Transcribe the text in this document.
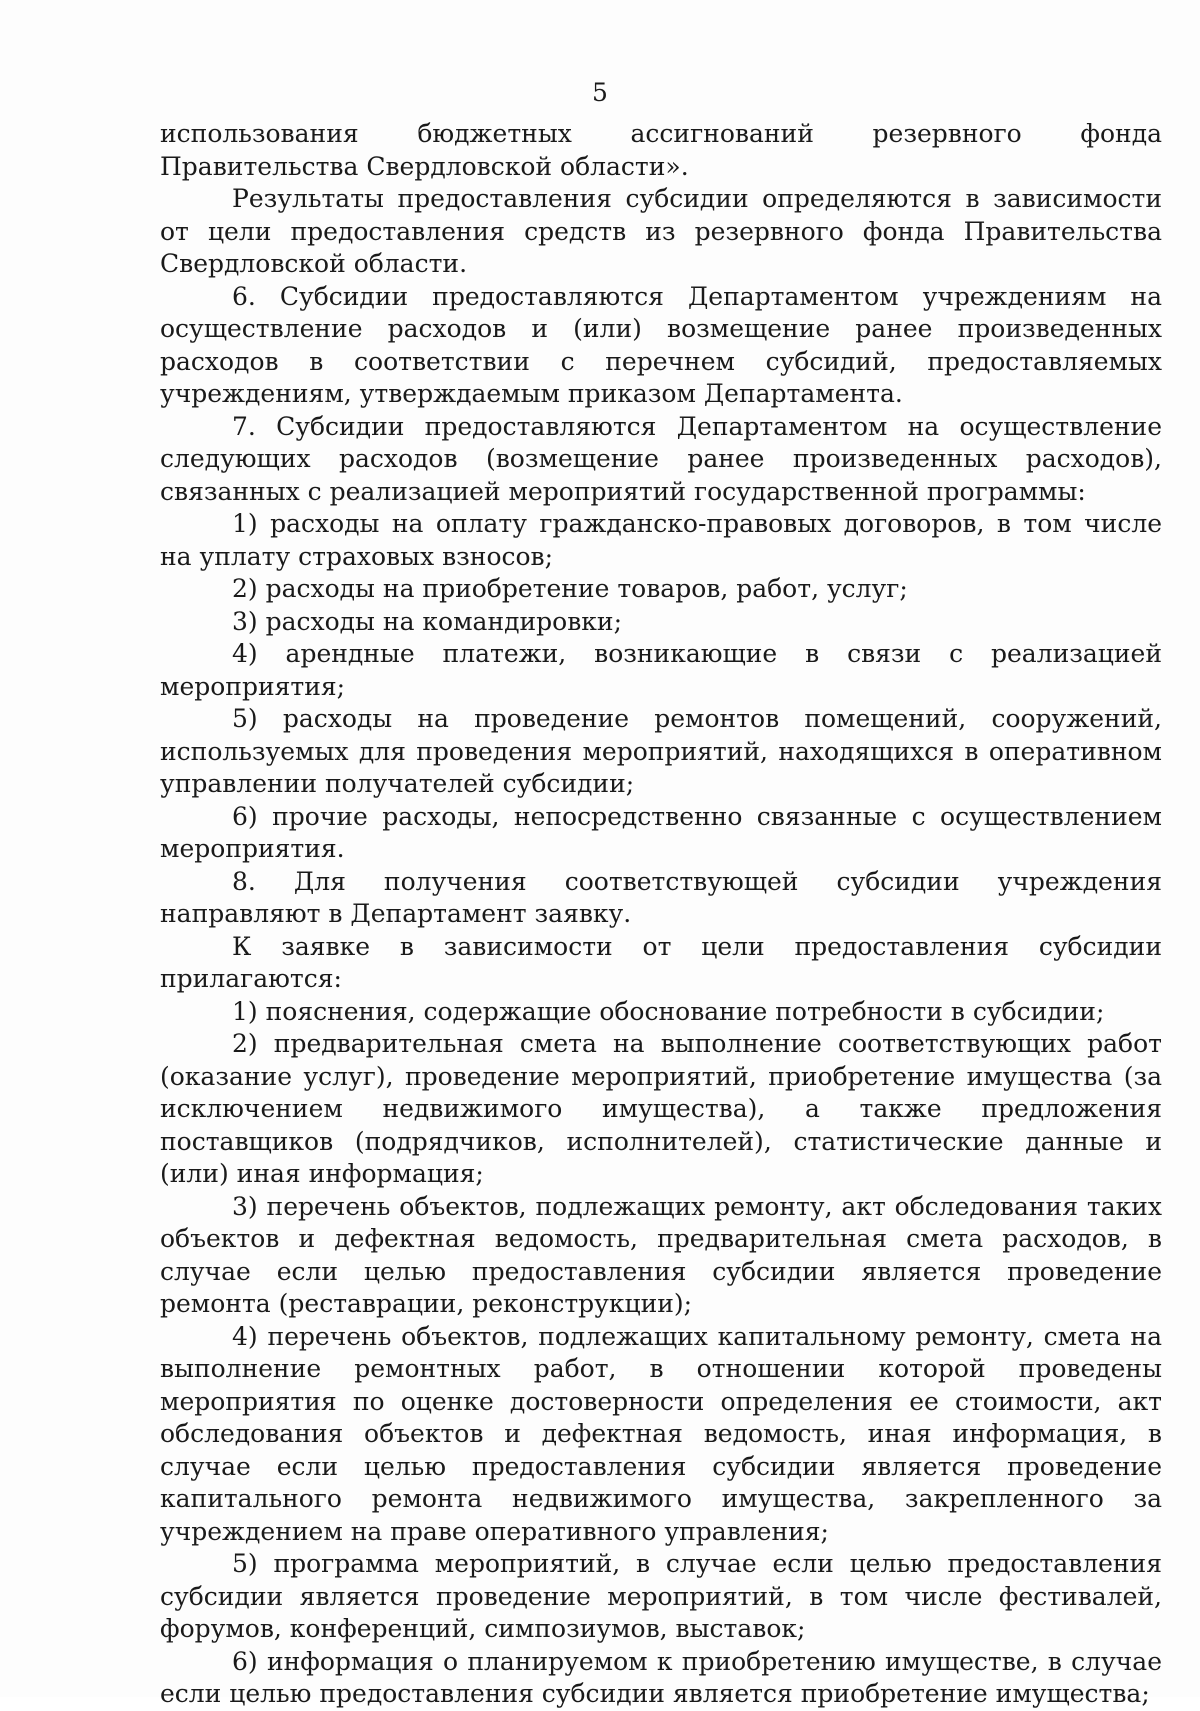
5

использования бюджетных ассигнований резервного фонда Правительства Свердловской области».

Результаты предоставления субсидии определяются в зависимости от цели предоставления средств из резервного фонда Правительства Свердловской области.

6. Субсидии предоставляются Департаментом учреждениям на осуществление расходов и (или) возмещение ранее произведенных расходов в соответствии с перечнем субсидий, предоставляемых учреждениям, утверждаемым приказом Департамента.

7. Субсидии предоставляются Департаментом на осуществление следующих расходов (возмещение ранее произведенных расходов), связанных с реализацией мероприятий государственной программы:

1) расходы на оплату гражданско-правовых договоров, в том числе на уплату страховых взносов;

2) расходы на приобретение товаров, работ, услуг;

3) расходы на командировки;

4) арендные платежи, возникающие в связи с реализацией мероприятия;

5) расходы на проведение ремонтов помещений, сооружений, используемых для проведения мероприятий, находящихся в оперативном управлении получателей субсидии;

6) прочие расходы, непосредственно связанные с осуществлением мероприятия.

8. Для получения соответствующей субсидии учреждения направляют в Департамент заявку.

К заявке в зависимости от цели предоставления субсидии прилагаются:

1) пояснения, содержащие обоснование потребности в субсидии;

2) предварительная смета на выполнение соответствующих работ (оказание услуг), проведение мероприятий, приобретение имущества (за исключением недвижимого имущества), а также предложения поставщиков (подрядчиков, исполнителей), статистические данные и (или) иная информация;

3) перечень объектов, подлежащих ремонту, акт обследования таких объектов и дефектная ведомость, предварительная смета расходов, в случае если целью предоставления субсидии является проведение ремонта (реставрации, реконструкции);

4) перечень объектов, подлежащих капитальному ремонту, смета на выполнение ремонтных работ, в отношении которой проведены мероприятия по оценке достоверности определения ее стоимости, акт обследования объектов и дефектная ведомость, иная информация, в случае если целью предоставления субсидии является проведение капитального ремонта недвижимого имущества, закрепленного за учреждением на праве оперативного управления;

5) программа мероприятий, в случае если целью предоставления субсидии является проведение мероприятий, в том числе фестивалей, форумов, конференций, симпозиумов, выставок;

6) информация о планируемом к приобретению имуществе, в случае если целью предоставления субсидии является приобретение имущества;
